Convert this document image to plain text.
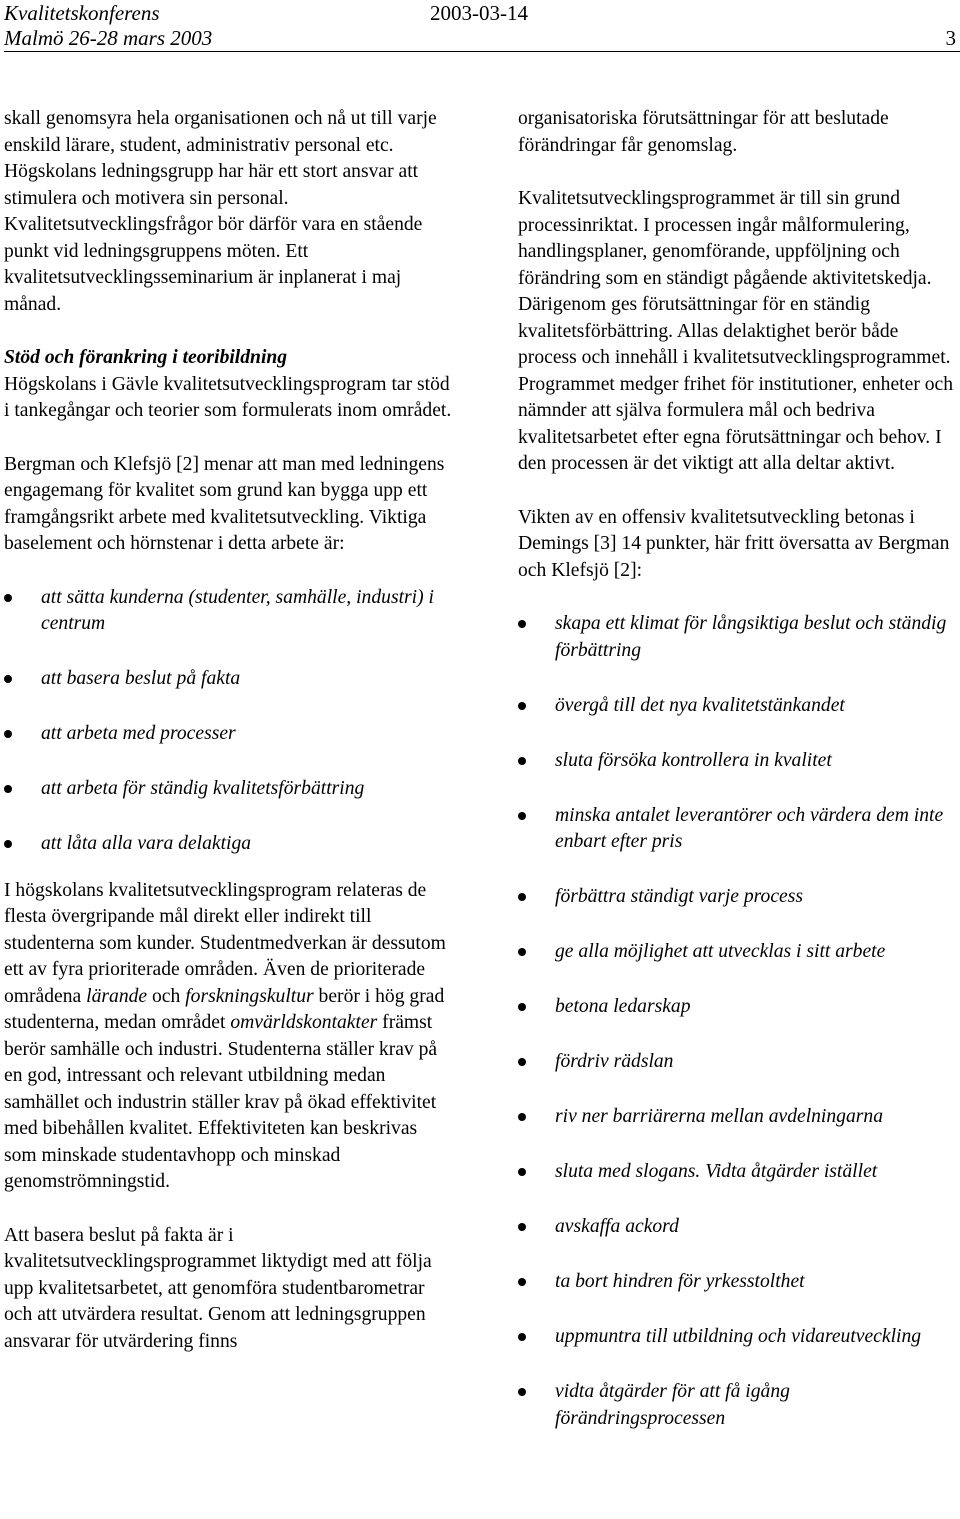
Kvalitetskonferens
Malmö 26-28 mars 2003
2003-03-14
3

skall genomsyra hela organisationen och nå ut till varje enskild lärare, student, administrativ personal etc. Högskolans ledningsgrupp har här ett stort ansvar att stimulera och motivera sin personal. Kvalitetsutvecklingsfrågor bör därför vara en stående punkt vid ledningsgruppens möten. Ett kvalitetsutvecklingsseminarium är inplanerat i maj månad.

Stöd och förankring i teoribildning
Högskolans i Gävle kvalitetsutvecklingsprogram tar stöd i tankegångar och teorier som formulerats inom området.

Bergman och Klefsjö [2] menar att man med ledningens engagemang för kvalitet som grund kan bygga upp ett framgångsrikt arbete med kvalitetsutveckling. Viktiga baselement och hörnstenar i detta arbete är:

att sätta kunderna (studenter, samhälle, industri) i centrum
att basera beslut på fakta
att arbeta med processer
att arbeta för ständig kvalitetsförbättring
att låta alla vara delaktiga

I högskolans kvalitetsutvecklingsprogram relateras de flesta övergripande mål direkt eller indirekt till studenterna som kunder. Studentmedverkan är dessutom ett av fyra prioriterade områden. Även de prioriterade områdena lärande och forskningskultur berör i hög grad studenterna, medan området omvärldskontakter främst berör samhälle och industri. Studenterna ställer krav på en god, intressant och relevant utbildning medan samhället och industrin ställer krav på ökad effektivitet med bibehållen kvalitet. Effektiviteten kan beskrivas som minskade studentavhopp och minskad genomströmningstid.

Att basera beslut på fakta är i kvalitetsutvecklingsprogrammet liktydigt med att följa upp kvalitetsarbetet, att genomföra studentbarometrar och att utvärdera resultat. Genom att ledningsgruppen ansvarar för utvärdering finns

organisatoriska förutsättningar för att beslutade förändringar får genomslag.

Kvalitetsutvecklingsprogrammet är till sin grund processinriktat. I processen ingår målformulering, handlingsplaner, genomförande, uppföljning och förändring som en ständigt pågående aktivitetskedja. Därigenom ges förutsättningar för en ständig kvalitetsförbättring. Allas delaktighet berör både process och innehåll i kvalitetsutvecklingsprogrammet. Programmet medger frihet för institutioner, enheter och nämnder att själva formulera mål och bedriva kvalitetsarbetet efter egna förutsättningar och behov. I den processen är det viktigt att alla deltar aktivt.

Vikten av en offensiv kvalitetsutveckling betonas i Demings [3] 14 punkter, här fritt översatta av Bergman och Klefsjö [2]:

skapa ett klimat för långsiktiga beslut och ständig förbättring
övergå till det nya kvalitetstänkandet
sluta försöka kontrollera in kvalitet
minska antalet leverantörer och värdera dem inte enbart efter pris
förbättra ständigt varje process
ge alla möjlighet att utvecklas i sitt arbete
betona ledarskap
fördriv rädslan
riv ner barriärerna mellan avdelningarna
sluta med slogans. Vidta åtgärder istället
avskaffa ackord
ta bort hindren för yrkesstolthet
uppmuntra till utbildning och vidareutveckling
vidta åtgärder för att få igång förändringsprocessen
